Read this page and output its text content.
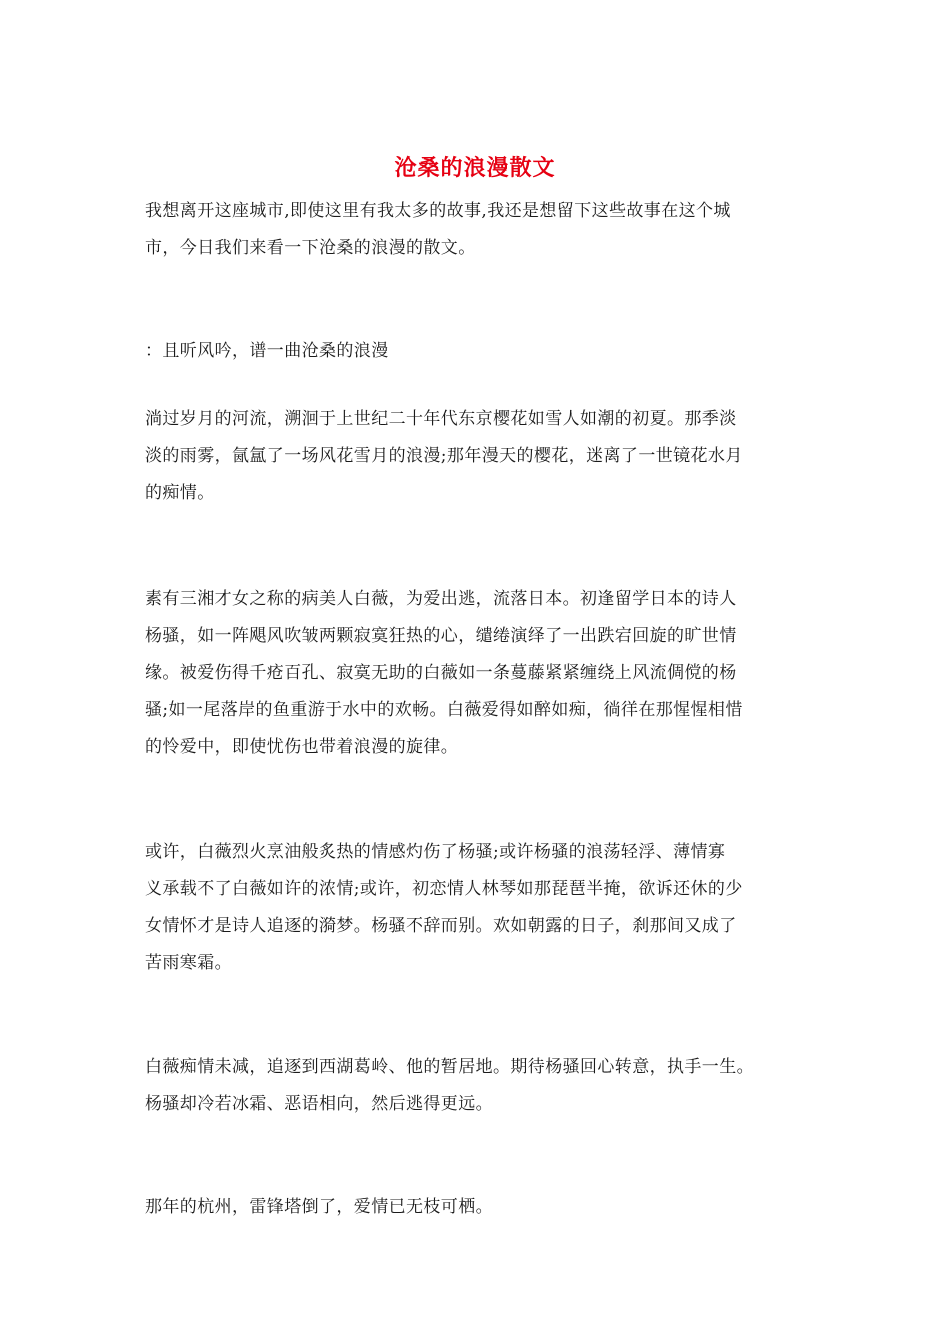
沧桑的浪漫散文
我想离开这座城市,即使这里有我太多的故事,我还是想留下这些故事在这个城
市，今日我们来看一下沧桑的浪漫的散文。
：且听风吟，谱一曲沧桑的浪漫
淌过岁月的河流，溯洄于上世纪二十年代东京樱花如雪人如潮的初夏。那季淡
淡的雨雾，氤氲了一场风花雪月的浪漫;那年漫天的樱花，迷离了一世镜花水月
的痴情。
素有三湘才女之称的病美人白薇，为爱出逃，流落日本。初逢留学日本的诗人
杨骚，如一阵飓风吹皱两颗寂寞狂热的心，缱绻演绎了一出跌宕回旋的旷世情
缘。被爱伤得千疮百孔、寂寞无助的白薇如一条蔓藤紧紧缠绕上风流倜傥的杨
骚;如一尾落岸的鱼重游于水中的欢畅。白薇爱得如醉如痴，徜徉在那惺惺相惜
的怜爱中，即使忧伤也带着浪漫的旋律。
或许，白薇烈火烹油般炙热的情感灼伤了杨骚;或许杨骚的浪荡轻浮、薄情寡
义承载不了白薇如许的浓情;或许，初恋情人林琴如那琵琶半掩，欲诉还休的少
女情怀才是诗人追逐的漪梦。杨骚不辞而别。欢如朝露的日子，刹那间又成了
苦雨寒霜。
白薇痴情未减，追逐到西湖葛岭、他的暂居地。期待杨骚回心转意，执手一生。
杨骚却冷若冰霜、恶语相向，然后逃得更远。
那年的杭州，雷锋塔倒了，爱情已无枝可栖。
